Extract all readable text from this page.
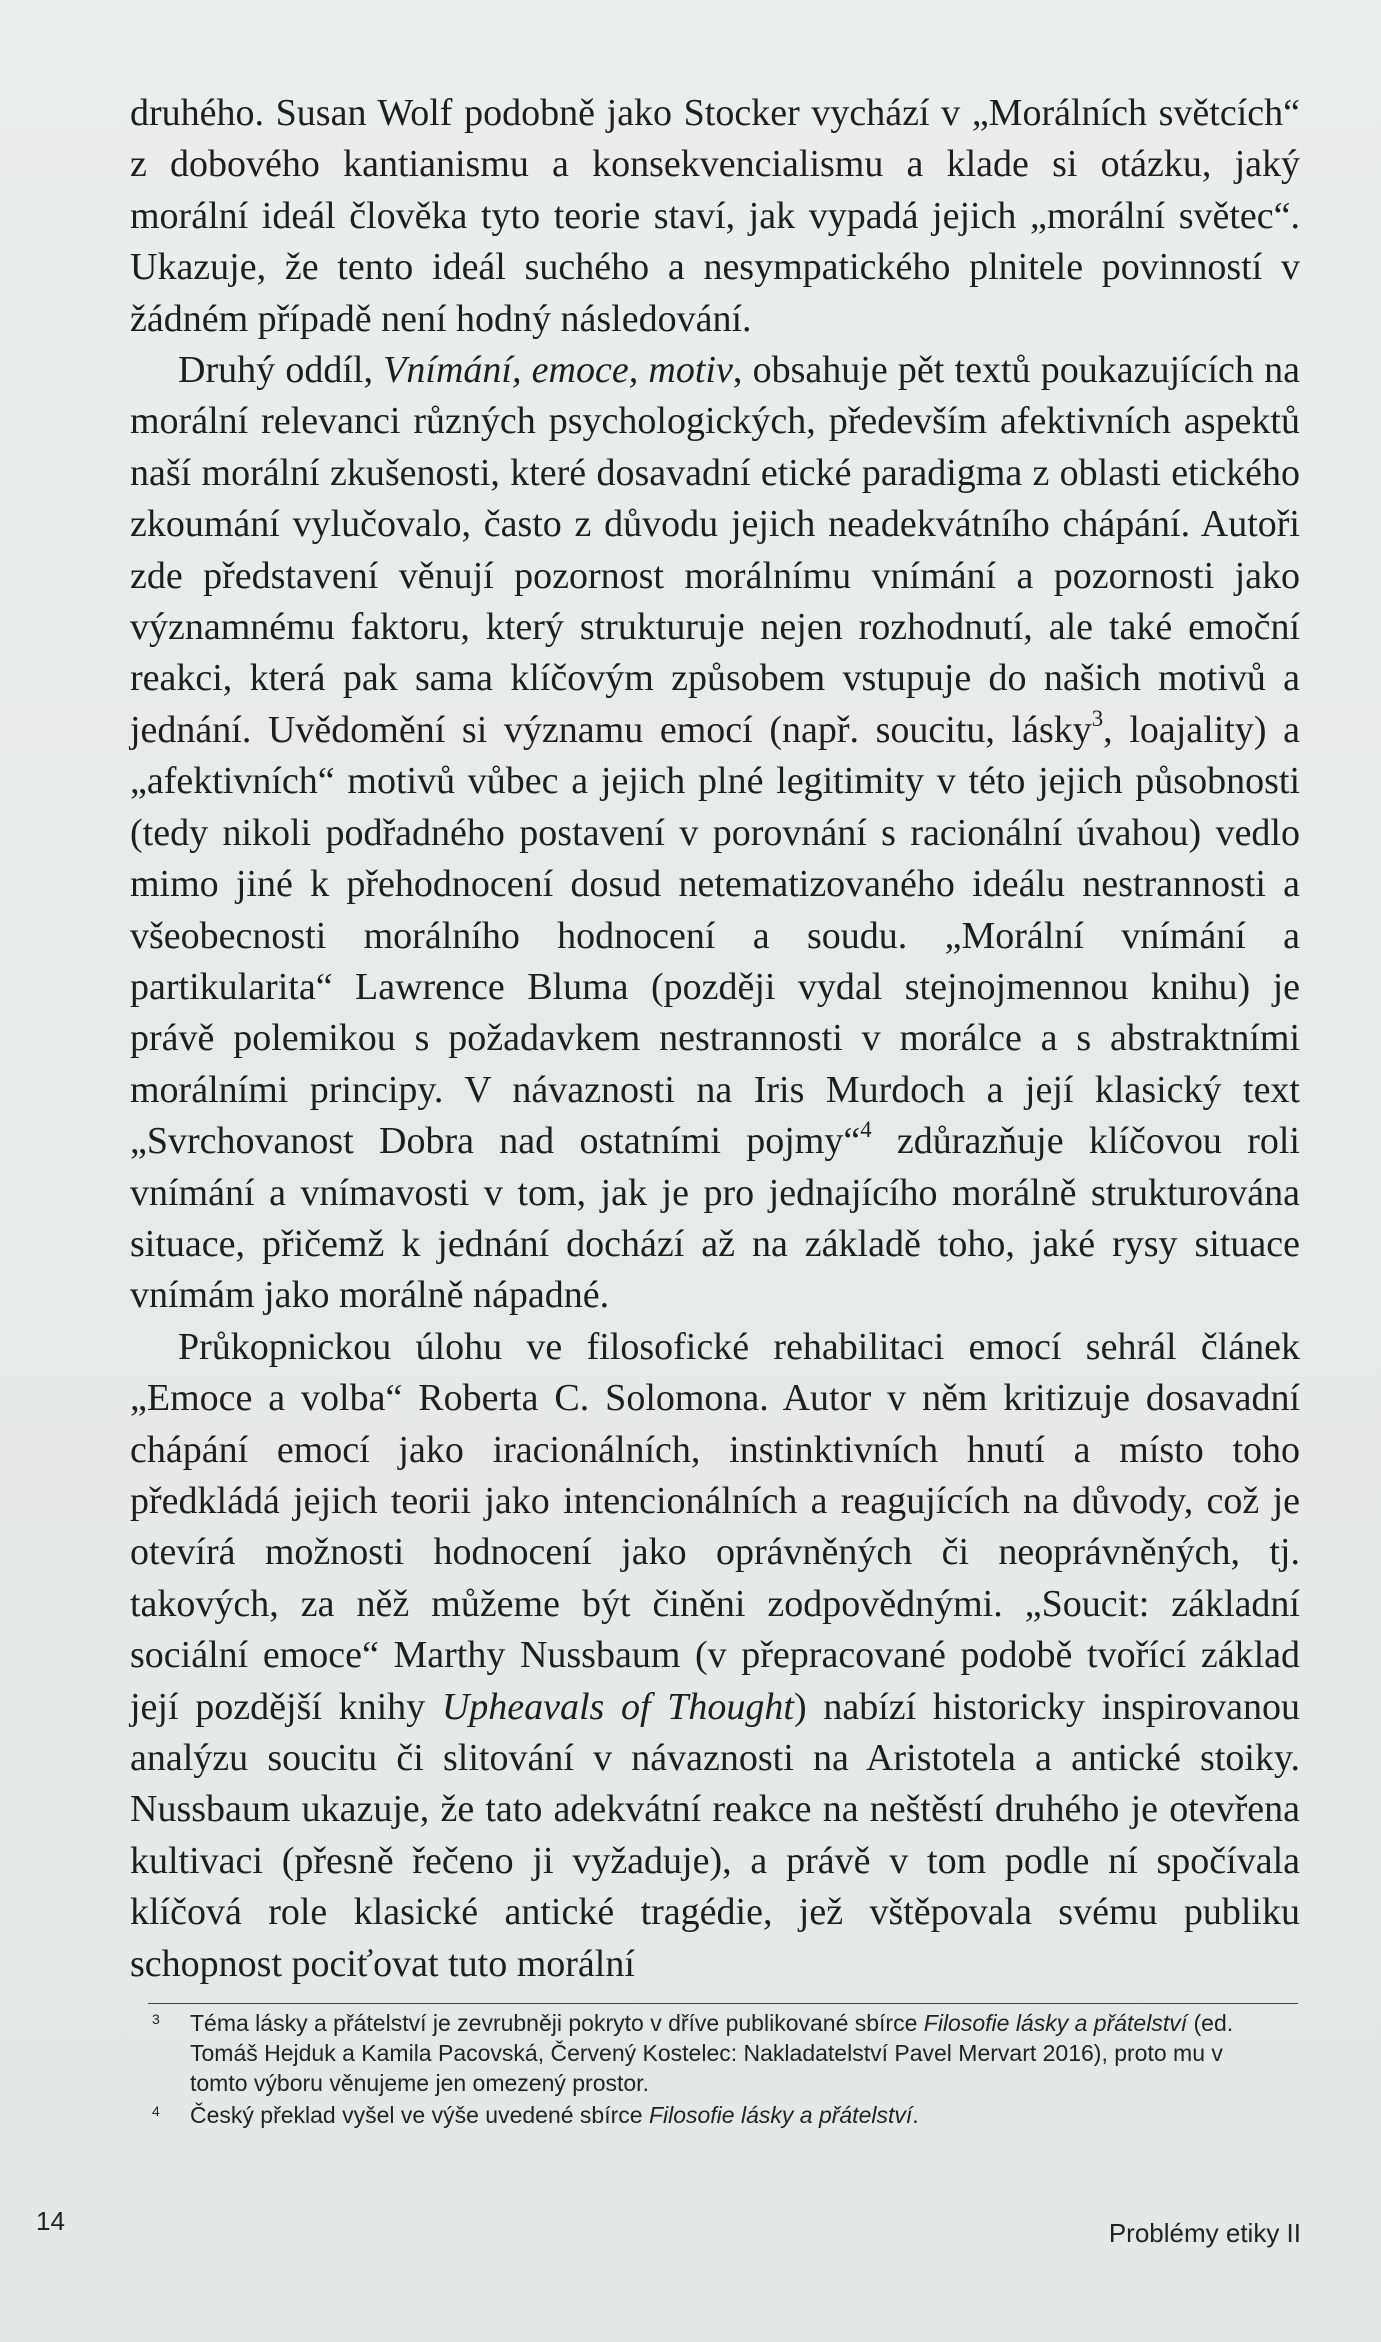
druhého. Susan Wolf podobně jako Stocker vychází v „Morálních světcích“ z dobového kantianismu a konsekvencialismu a klade si otázku, jaký morální ideál člověka tyto teorie staví, jak vypadá jejich „morální světec“. Ukazuje, že tento ideál suchého a nesympatického plnitele povinností v žádném případě není hodný následování.

Druhý oddíl, Vnímání, emoce, motiv, obsahuje pět textů poukazujících na morální relevanci různých psychologických, především afektivních aspektů naší morální zkušenosti, které dosavadní etické paradigma z oblasti etického zkoumání vylučovalo, často z důvodu jejich neadekvátního chápání. Autoři zde představení věnují pozornost morálnímu vnímání a pozornosti jako významnému faktoru, který strukturuje nejen rozhodnutí, ale také emoční reakci, která pak sama klíčovým způsobem vstupuje do našich motivů a jednání. Uvědomění si významu emocí (např. soucitu, lásky$^3$, loajality) a „afektivních“ motivů vůbec a jejich plné legitimity v této jejich působnosti (tedy nikoli podřadného postavení v porovnání s racionální úvahou) vedlo mimo jiné k přehodnocení dosud netematizovaného ideálu nestrannosti a všeobecnosti morálního hodnocení a soudu. „Morální vnímání a partikularita“ Lawrence Bluma (později vydal stejnojmennou knihu) je právě polemikou s požadavkem nestrannosti v morálce a s abstraktními morálními principy. V návaznosti na Iris Murdoch a její klasický text „Svrchovanost Dobra nad ostatními pojmy“$^4$ zdůrazňuje klíčovou roli vnímání a vnímavosti v tom, jak je pro jednajícího morálně strukturována situace, přičemž k jednání dochází až na základě toho, jaké rysy situace vnímám jako morálně nápadné.

Průkopnickou úlohu ve filosofické rehabilitaci emocí sehrál článek „Emoce a volba“ Roberta C. Solomona. Autor v něm kritizuje dosavadní chápání emocí jako iracionálních, instinktivních hnutí a místo toho předkládá jejich teorii jako intencionálních a reagujících na důvody, což je otevírá možnosti hodnocení jako oprávněných či neoprávněných, tj. takových, za něž můžeme být činěni zodpovědnými. „Soucit: základní sociální emoce“ Marthy Nussbaum (v přepracované podobě tvořící základ její pozdější knihy Upheavals of Thought) nabízí historicky inspirovanou analýzu soucitu či slitování v návaznosti na Aristotela a antické stoiky. Nussbaum ukazuje, že tato adekvátní reakce na neštěstí druhého je otevřena kultivaci (přesně řečeno ji vyžaduje), a právě v tom podle ní spočívala klíčová role klasické antické tragédie, jež vštěpovala svému publiku schopnost pociťovat tuto morální

3 Téma lásky a přátelství je zevrubněji pokryto v dříve publikované sbírce Filosofie lásky a přátelství (ed. Tomáš Hejduk a Kamila Pacovská, Červený Kostelec: Nakladatelství Pavel Mervart 2016), proto mu v tomto výboru věnujeme jen omezený prostor.

4 Český překlad vyšel ve výše uvedené sbírce Filosofie lásky a přátelství.

14	Problémy etiky II
